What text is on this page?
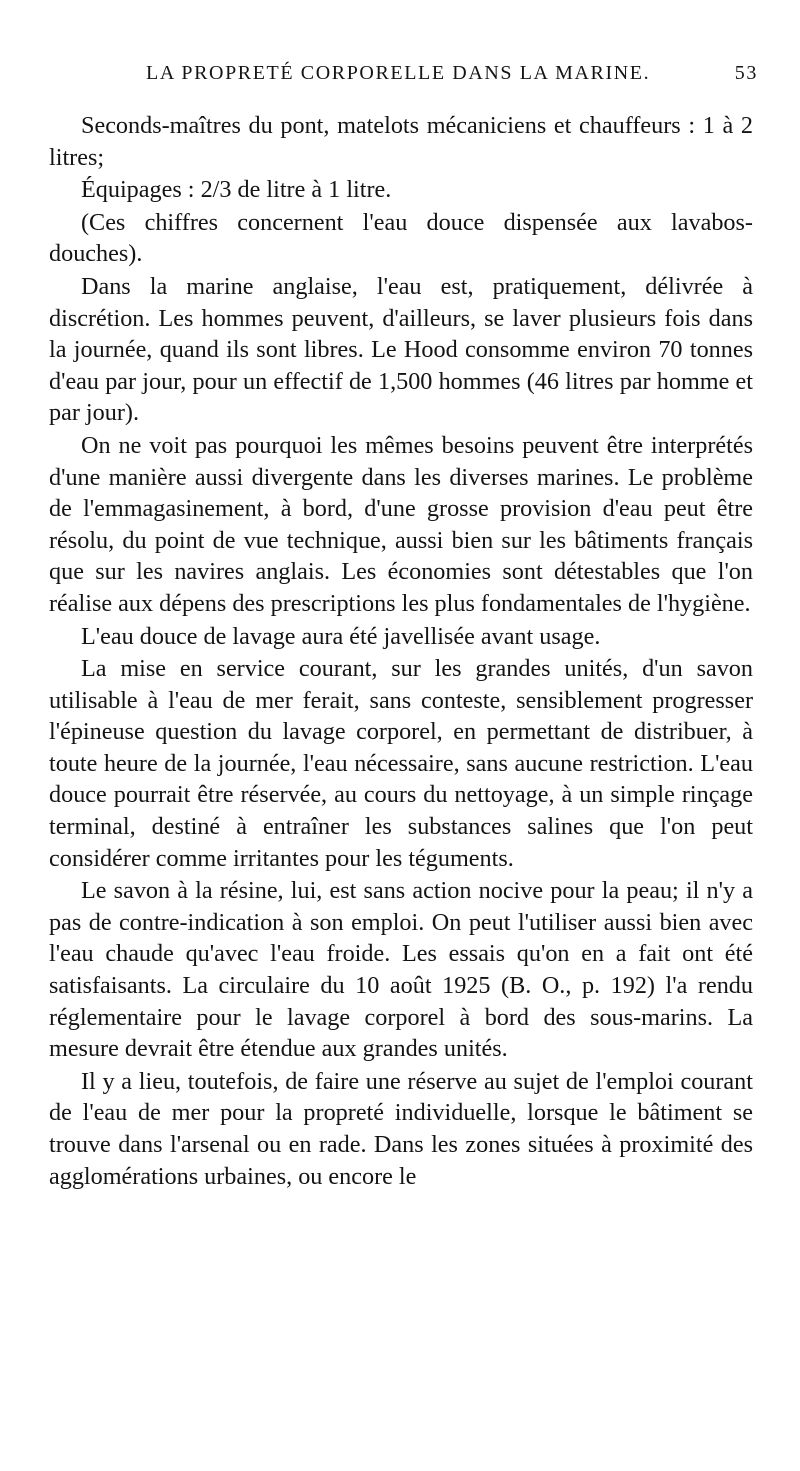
LA PROPRETÉ CORPORELLE DANS LA MARINE.	53

Seconds-maîtres du pont, matelots mécaniciens et chauffeurs : 1 à 2 litres;

Équipages : 2/3 de litre à 1 litre.

(Ces chiffres concernent l'eau douce dispensée aux lavabos-douches).

Dans la marine anglaise, l'eau est, pratiquement, délivrée à discrétion. Les hommes peuvent, d'ailleurs, se laver plusieurs fois dans la journée, quand ils sont libres. Le Hood consomme environ 70 tonnes d'eau par jour, pour un effectif de 1,500 hommes (46 litres par homme et par jour).

On ne voit pas pourquoi les mêmes besoins peuvent être interprétés d'une manière aussi divergente dans les diverses marines. Le problème de l'emmagasinement, à bord, d'une grosse provision d'eau peut être résolu, du point de vue technique, aussi bien sur les bâtiments français que sur les navires anglais. Les économies sont détestables que l'on réalise aux dépens des prescriptions les plus fondamentales de l'hygiène.

L'eau douce de lavage aura été javellisée avant usage.

La mise en service courant, sur les grandes unités, d'un savon utilisable à l'eau de mer ferait, sans conteste, sensiblement progresser l'épineuse question du lavage corporel, en permettant de distribuer, à toute heure de la journée, l'eau nécessaire, sans aucune restriction. L'eau douce pourrait être réservée, au cours du nettoyage, à un simple rinçage terminal, destiné à entraîner les substances salines que l'on peut considérer comme irritantes pour les téguments.

Le savon à la résine, lui, est sans action nocive pour la peau; il n'y a pas de contre-indication à son emploi. On peut l'utiliser aussi bien avec l'eau chaude qu'avec l'eau froide. Les essais qu'on en a fait ont été satisfaisants. La circulaire du 10 août 1925 (B. O., p. 192) l'a rendu réglementaire pour le lavage corporel à bord des sous-marins. La mesure devrait être étendue aux grandes unités.

Il y a lieu, toutefois, de faire une réserve au sujet de l'emploi courant de l'eau de mer pour la propreté individuelle, lorsque le bâtiment se trouve dans l'arsenal ou en rade. Dans les zones situées à proximité des agglomérations urbaines, ou encore le
